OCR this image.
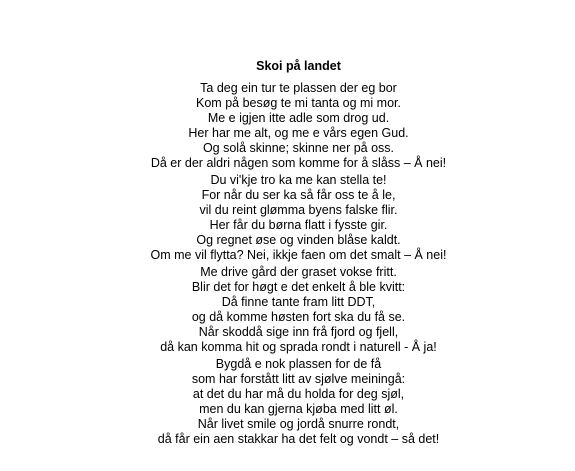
Skoi på landet
Ta deg ein tur te plassen der eg bor
Kom på besøg te mi tanta og mi mor.
Me e igjen itte adle som drog ud.
Her har me alt, og me e vårs egen Gud.
Og solå skinne; skinne ner på oss.
Då er der aldri någen som komme for å slåss – Å nei!
Du vi'kje tro ka me kan stella te!
For når du ser ka så får oss te å le,
vil du reint glømma byens falske flir.
Her får du børna flatt i fysste gir.
Og regnet øse og vinden blåse kaldt.
Om me vil flytta? Nei, ikkje faen om det smalt – Å nei!
Me drive gård der graset vokse fritt.
Blir det for høgt e det enkelt å ble kvitt:
Då finne tante fram litt DDT,
og då komme høsten fort ska du få se.
Når skoddå sige inn frå fjord og fjell,
då kan komma hit og sprada rondt i naturell - Å ja!
Bygdå e nok plassen for de få
som har forstått litt av sjølve meiningå:
at det du har må du holda for deg sjøl,
men du kan gjerna kjøba med litt øl.
Når livet smile og jordå snurre rondt,
då får ein aen stakkar ha det felt og vondt – så det!
